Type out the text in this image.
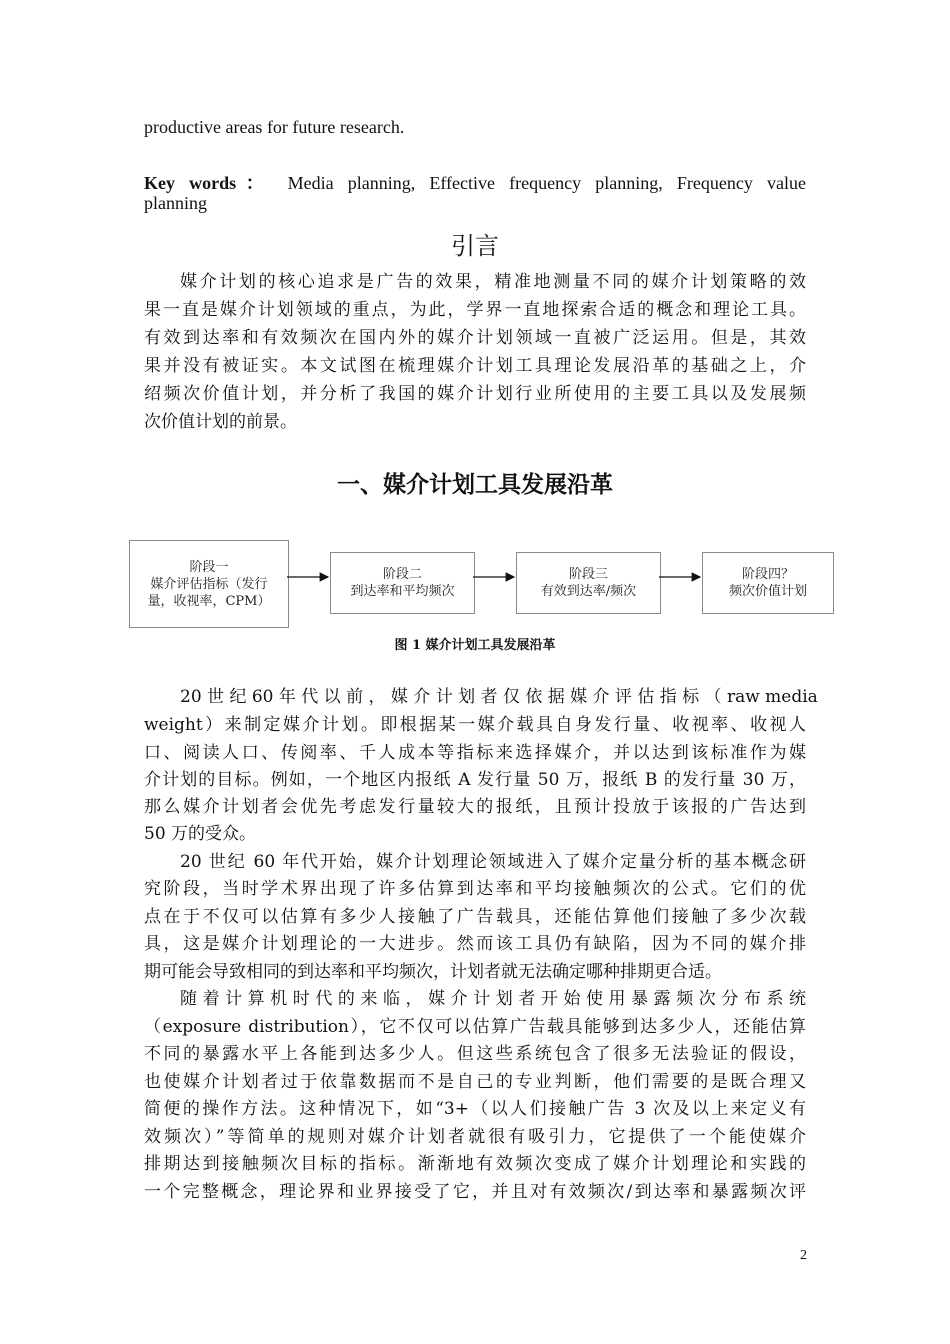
productive areas for future research.
Key words： Media planning, Effective frequency planning, Frequency value
planning
引言
媒介计划的核心追求是广告的效果，精准地测量不同的媒介计划策略的效
果一直是媒介计划领域的重点，为此，学界一直地探索合适的概念和理论工具。
有效到达率和有效频次在国内外的媒介计划领域一直被广泛运用。但是，其效
果并没有被证实。本文试图在梳理媒介计划工具理论发展沿革的基础之上，介
绍频次价值计划，并分析了我国的媒介计划行业所使用的主要工具以及发展频
次价值计划的前景。
一、媒介计划工具发展沿革
阶段一
媒介评估指标（发行
量，收视率，CPM）
阶段二
到达率和平均频次
阶段三
有效到达率/频次
阶段四？
频次价值计划
图 1 媒介计划工具发展沿革
20 世 纪 60 年 代 以 前 ， 媒 介 计 划 者 仅 依 据 媒 介 评 估 指 标 （ raw media
weight）来制定媒介计划。即根据某一媒介载具自身发行量、收视率、收视人
口、阅读人口、传阅率、千人成本等指标来选择媒介，并以达到该标准作为媒
介计划的目标。例如，一个地区内报纸 A 发行量 50 万，报纸 B 的发行量 30 万，
那么媒介计划者会优先考虑发行量较大的报纸，且预计投放于该报的广告达到
50 万的受众。
20 世纪 60 年代开始，媒介计划理论领域进入了媒介定量分析的基本概念研
究阶段，当时学术界出现了许多估算到达率和平均接触频次的公式。它们的优
点在于不仅可以估算有多少人接触了广告载具，还能估算他们接触了多少次载
具，这是媒介计划理论的一大进步。然而该工具仍有缺陷，因为不同的媒介排
期可能会导致相同的到达率和平均频次，计划者就无法确定哪种排期更合适。
随 着 计 算 机 时 代 的 来 临 ， 媒 介 计 划 者 开 始 使 用 暴 露 频 次 分 布 系 统
（exposure distribution），它不仅可以估算广告载具能够到达多少人，还能估算
不同的暴露水平上各能到达多少人。但这些系统包含了很多无法验证的假设，
也使媒介计划者过于依靠数据而不是自己的专业判断，他们需要的是既合理又
简便的操作方法。这种情况下，如“3+（以人们接触广告 3 次及以上来定义有
效频次）”等简单的规则对媒介计划者就很有吸引力，它提供了一个能使媒介
排期达到接触频次目标的指标。渐渐地有效频次变成了媒介计划理论和实践的
一个完整概念，理论界和业界接受了它，并且对有效频次/到达率和暴露频次评
2
